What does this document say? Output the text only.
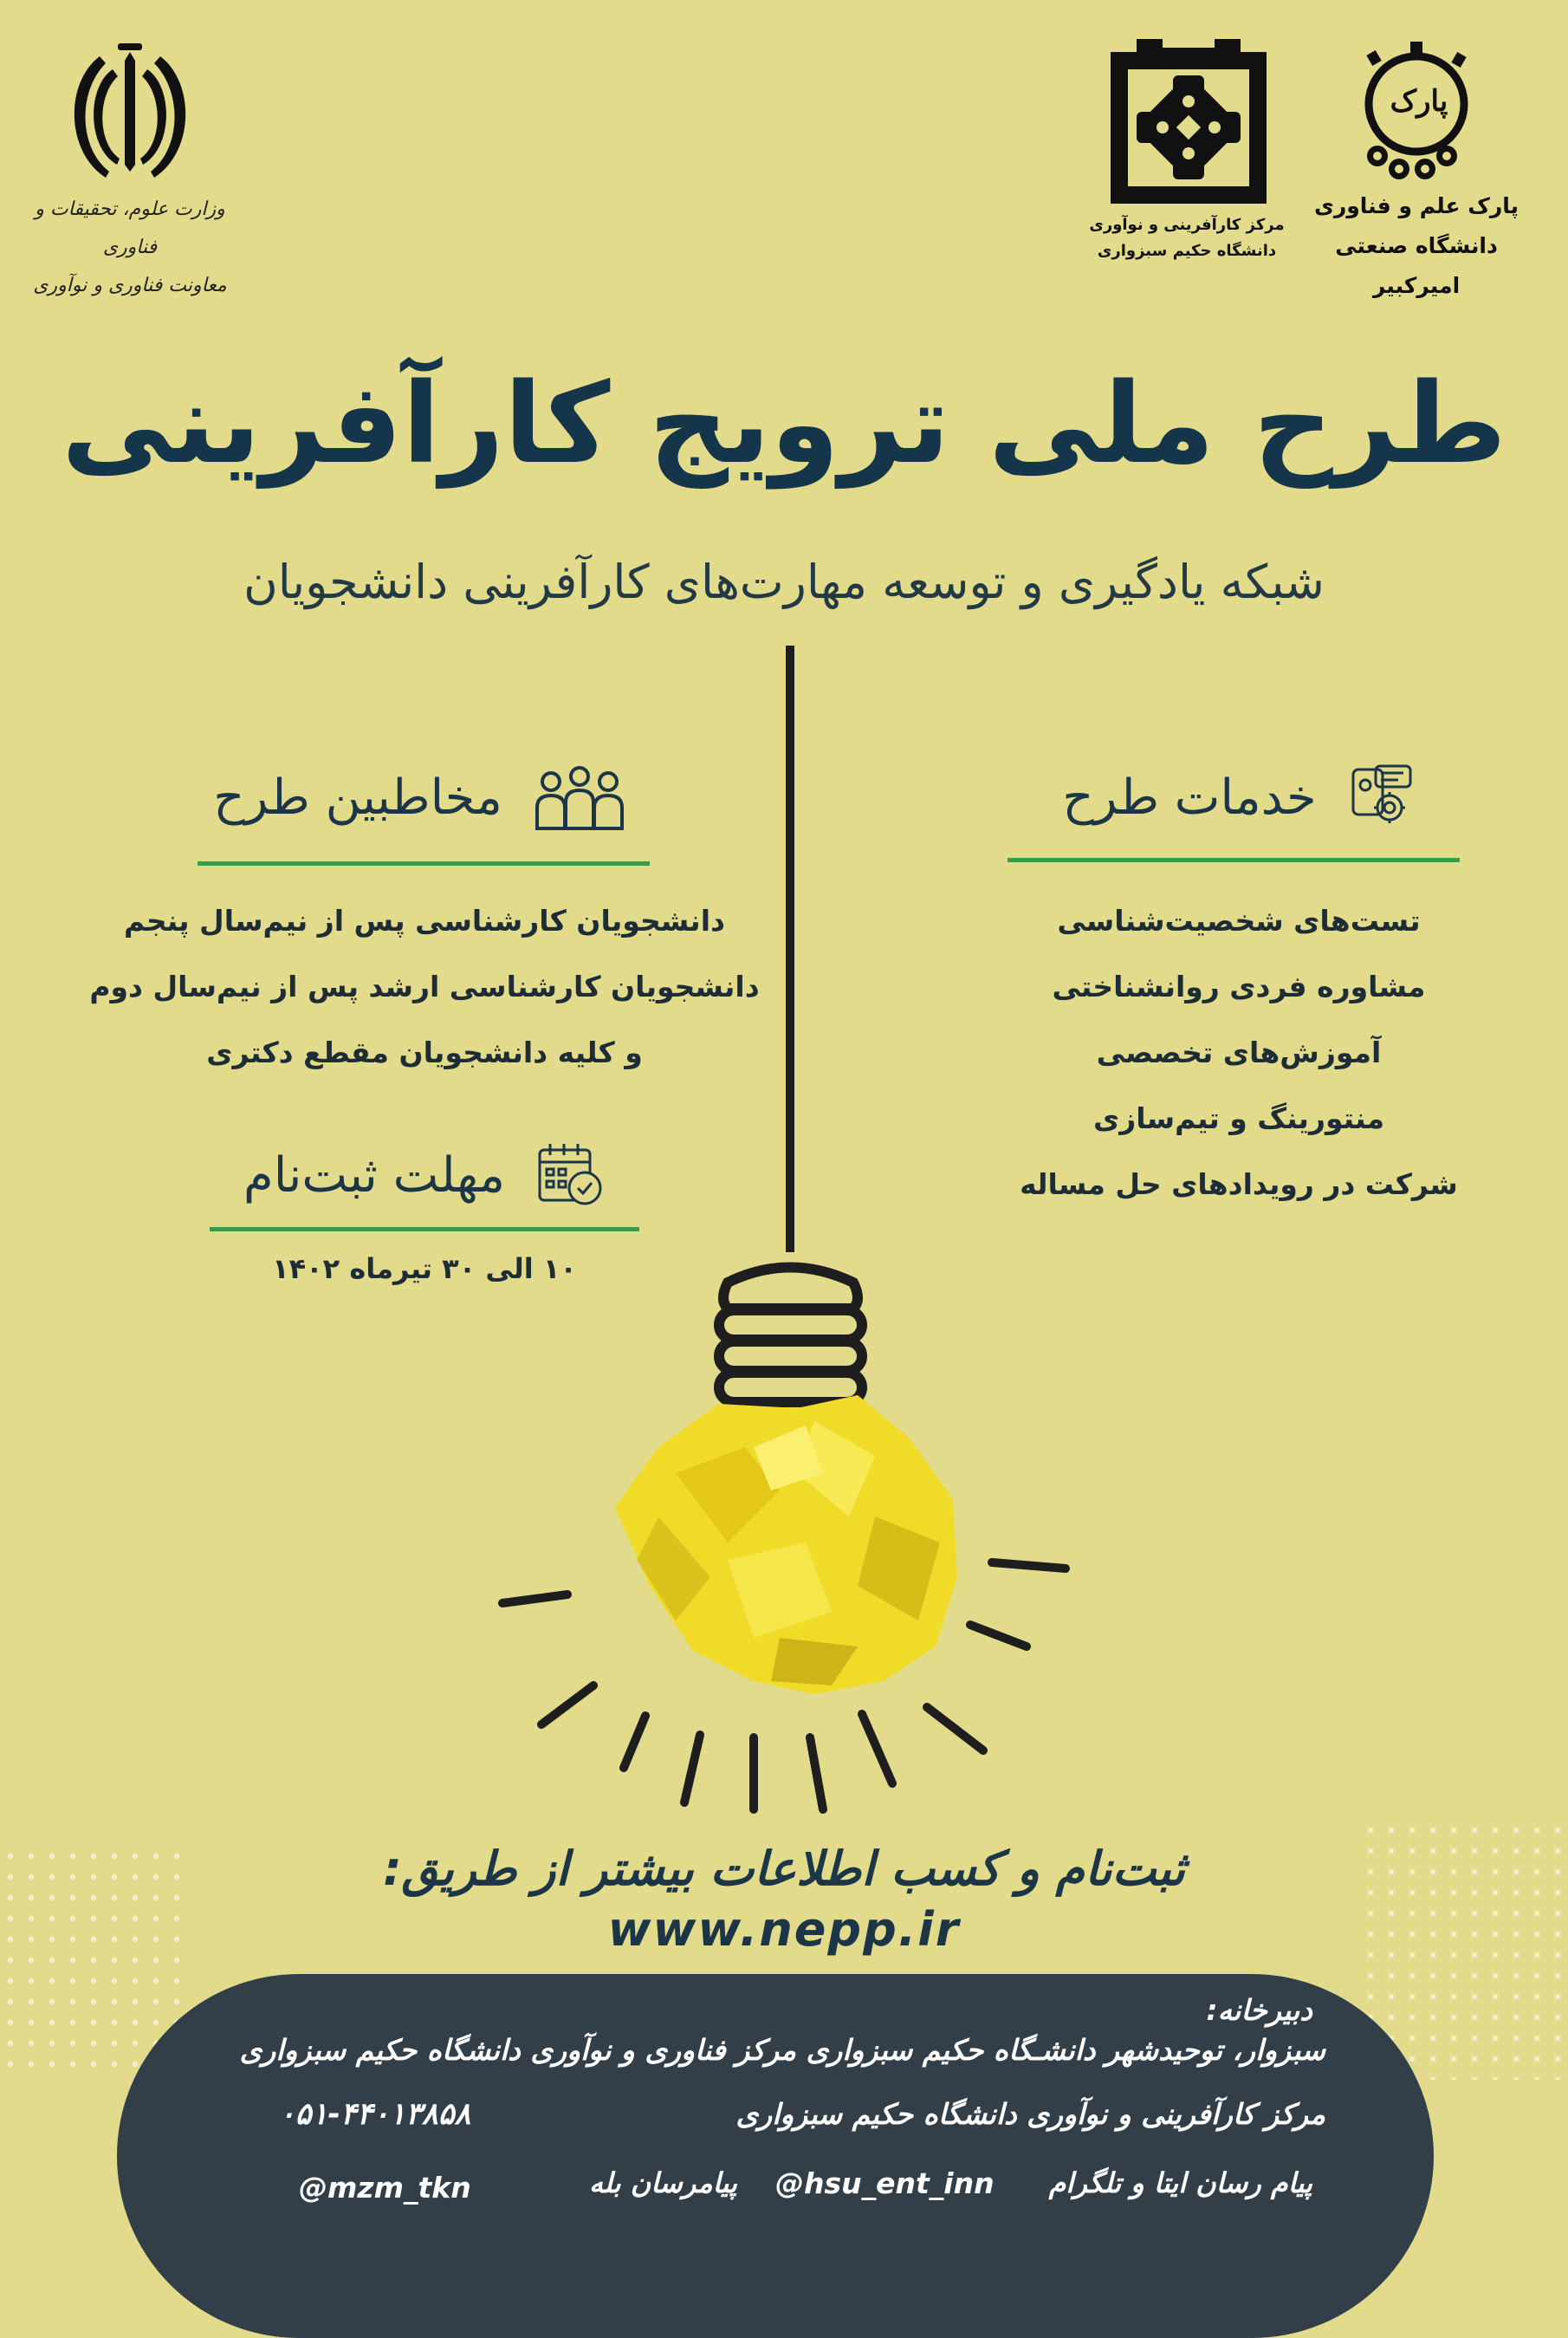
وزارت علوم، تحقیقات و فناوری
معاونت فناوری و نوآوری
مرکز کارآفرینی و نوآوری
دانشگاه حکیم سبزواری
پارک
پارک علم و فناوری
دانشگاه صنعتی امیرکبیر
طرح ملی ترویج کارآفرینی
شبکه یادگیری و توسعه مهارت‌های کارآفرینی دانشجویان
خدمات طرح
تست‌های شخصیت‌شناسی
مشاوره فردی روانشناختی
آموزش‌های تخصصی
منتورینگ و تیم‌سازی
شرکت در رویدادهای حل مساله
مخاطبین طرح
دانشجویان کارشناسی پس از نیم‌سال پنجم
دانشجویان کارشناسی ارشد پس از نیم‌سال دوم
و کلیه دانشجویان مقطع دکتری
مهلت ثبت‌نام
۱۰ الی ۳۰ تیرماه ۱۴۰۲
ثبت‌نام و کسب اطلاعات بیشتر از طریق:
www.nepp.ir
دبیرخانه:
سبزوار، توحیدشهر دانشـگاه حکیم سبزواری مرکز فناوری و نوآوری دانشگاه حکیم سبزواری
مرکز کارآفرینی و نوآوری دانشگاه حکیم سبزواری
۰۵۱-۴۴۰۱۳۸۵۸
پیام رسان ایتا و تلگرام
@hsu_ent_inn
پیامرسان بله
@mzm_tkn
